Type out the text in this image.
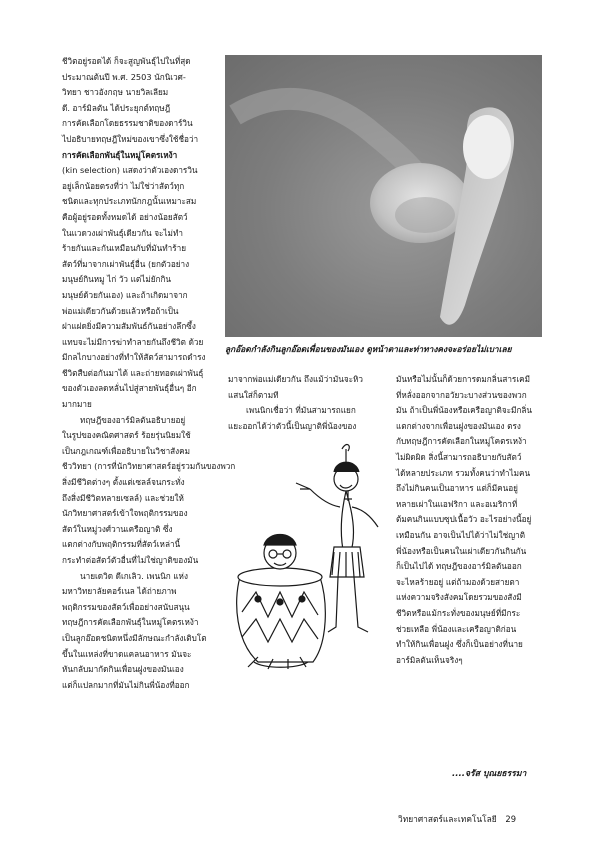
ชีวิตอยู่รอดได้ ก็จะสูญพันธุ์ไปในที่สุด
ประมาณต้นปี พ.ศ. 2503 นักนิเวศ-
วิทยา ชาวอังกฤษ นายวิลเลียม
ดี. อาร์มิลตัน ได้ประยุกต์ทฤษฎี
การคัดเลือกโดยธรรมชาติของดาร์วิน
ไปอธิบายทฤษฎีใหม่ของเขาซึ่งใช้ชื่อว่า
การคัดเลือกพันธุ์ในหมู่โคตรเหง้า
(kin selection) แสดงว่าตัวเองดารวิน
อยู่เล็กน้อยตรงที่ว่า ไม่ใช่ว่าสัตว์ทุก
ชนิดและทุกประเภทนักกฎนั้นเหมาะสม
คือผู้อยู่รอดทั้งหมดได้ อย่างน้อยสัตว์
ในแวดวงเผ่าพันธุ์เดียวกัน จะไม่ทำ
ร้ายกันและกันเหมือนกับที่มันทำร้าย
สัตว์ที่มาจากเผ่าพันธุ์อื่น (ยกตัวอย่าง
มนุษย์กินหมู ไก่ วัว แต่ไม่ยักกิน
มนุษย์ด้วยกันเอง) และถ้าเกิดมาจาก
พ่อแม่เดียวกันด้วยแล้วหรือถ้าเป็น
ฝาแฝดยิ่งมีความสัมพันธ์กันอย่างลึกซึ้ง
แทบจะไม่มีการฆ่าทำลายกันถึงชีวิต ด้วย
มีกลไกบางอย่างที่ทำให้สัตว์สามารถดำรง
ชีวิตสืบต่อกันมาได้ และถ่ายทอดเผ่าพันธุ์
ของตัวเองลดหลั่นไปสู่สายพันธุ์อื่นๆ อีก
มากมาย
ทฤษฎีของอาร์มิลตันอธิบายอยู่
ในรูปของคณิตศาสตร์ ร้อยรุ่นนิยมใช้
เป็นกฎเกณฑ์เพื่ออธิบายในวิชาสังคม
ชีววิทยา (การที่นักวิทยาศาสตร์อยู่รวมกันของพวก
สิ่งมีชีวิตต่างๆ ตั้งแต่เซลล์จนกระทั่ง
ถึงสิ่งมีชีวิตหลายเซลล์) และช่วยให้
นักวิทยาศาสตร์เข้าใจพฤติกรรมของ
สัตว์ในหมู่วงศ์วานเครือญาติ ซึ่ง
แตกต่างกับพฤติกรรมที่สัตว์เหล่านี้
กระทำต่อสัตว์ตัวอื่นที่ไม่ใช่ญาติของมัน
นายเดวิด ดีเกเลิว. เพนนิก แห่ง
มหาวิทยาลัยคอร์เนล ได้ถ่ายภาพ
พฤติกรรมของสัตว์เพื่ออย่างสนับสนุน
ทฤษฎีการคัดเลือกพันธุ์ในหมู่โคตรเหง้า
เป็นลูกอ๊อดชนิดหนึ่งมีลักษณะกำลังเติบโต
ขึ้นในแหล่งที่ขาดแคลนอาหาร มันจะ
หันกลับมากัดกินเพื่อนฝูงของมันเอง
แต่ก็แปลกมากที่มันไม่กินพี่น้องที่ออก
ลูกอ๊อดกำลังกินลูกอ๊อดเพื่อนของมันเอง ดูหน้าตาและท่าทางคงจะอร่อยไม่เบาเลย
มาจากพ่อแม่เดียวกัน ถึงแม้ว่ามันจะหิว
แสนใส่ก็ตามที
เพนนิกเชื่อว่า ที่มันสามารถแยก
แยะออกได้ว่าตัวนี้เป็นญาติพี่น้องของ
มันหรือไม่นั้นก็ด้วยการดมกลิ่นสารเคมี
ที่หลั่งออกจากอวัยวะบางส่วนของพวก
มัน ถ้าเป็นพี่น้องหรือเครือญาติจะมีกลิ่น
แตกต่างจากเพื่อนฝูงของมันเอง ตรง
กับทฤษฎีการคัดเลือกในหมู่โคตรเหง้า
ไม่ผิดผิด สิ่งนี้สามารถอธิบายกับสัตว์
ได้หลายประเภท รวมทั้งคนว่าทำไมคน
ถึงไม่กินคนเป็นอาหาร แต่ก็มีคนอยู่
หลายเผ่าในแอฟริกา และอเมริกาที่
ต้มคนกินแบบซุปเนื้อวัว อะไรอย่างนี้อยู่
เหมือนกัน อาจเป็นไปได้ว่าไม่ใช่ญาติ
พี่น้องหรือเป็นคนในเผ่าเดียวกันกินกัน
ก็เป็นไปได้ ทฤษฎีของอาร์มิลตันออก
จะไหลร้ายอยู่ แต่ถ้ามองด้วยสายตา
แห่งความจริงสังคมโดยรวมของสังมี
ชีวิตหรือแม้กระทั่งของมนุษย์ที่มีกระ
ช่วยเหลือ พี่น้องและเครือญาติก่อน
ทำให้กินเพื่อนฝูง ซึ่งก็เป็นอย่างที่นาย
อาร์มิลตันเห็นจริงๆ
....จรัส บุณยธรรมา
วิทยาศาสตร์และเทคโนโลยี 29
